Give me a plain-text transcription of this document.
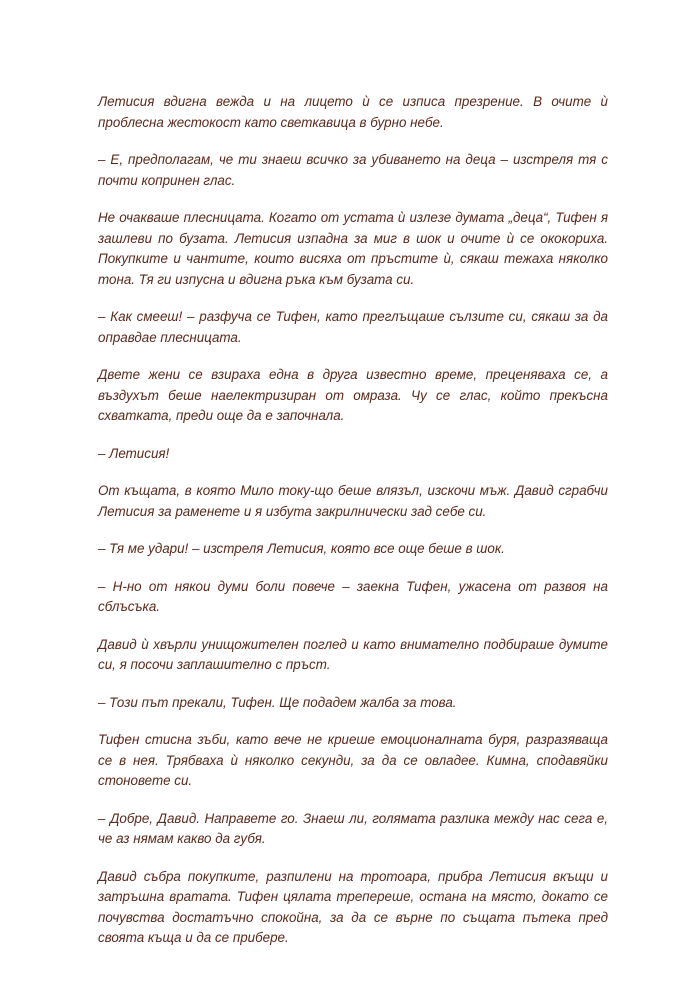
Летисия вдигна вежда и на лицето ѝ се изписа презрение. В очите ѝ проблесна жестокост като светкавица в бурно небе.

– Е, предполагам, че ти знаеш всичко за убиването на деца – изстреля тя с почти копринен глас.

Не очакваше плесницата. Когато от устата ѝ излезе думата „деца“, Тифен я зашлеви по бузата. Летисия изпадна за миг в шок и очите ѝ се ококориха. Покупките и чантите, които висяха от пръстите ѝ, сякаш тежаха няколко тона. Тя ги изпусна и вдигна ръка към бузата си.

– Как смееш! – разфуча се Тифен, като преглъщаше сълзите си, сякаш за да оправдае плесницата.

Двете жени се взираха една в друга известно време, преценяваха се, а въздухът беше наелектризиран от омраза. Чу се глас, който прекъсна схватката, преди още да е започнала.

– Летисия!

От къщата, в която Мило току-що беше влязъл, изскочи мъж. Давид сграбчи Летисия за раменете и я избута закрилнически зад себе си.

– Тя ме удари! – изстреля Летисия, която все още беше в шок.

– Н-но от някои думи боли повече – заекна Тифен, ужасена от развоя на сблъсъка.

Давид ѝ хвърли унищожителен поглед и като внимателно подбираше думите си, я посочи заплашително с пръст.

– Този път прекали, Тифен. Ще подадем жалба за това.

Тифен стисна зъби, като вече не криеше емоционалната буря, разразяваща се в нея. Трябваха ѝ няколко секунди, за да се овладее. Кимна, сподавяйки стоновете си.

– Добре, Давид. Направете го. Знаеш ли, голямата разлика между нас сега е, че аз нямам какво да губя.

Давид събра покупките, разпилени на тротоара, прибра Летисия вкъщи и затръшна вратата. Тифен цялата трепереше, остана на място, докато се почувства достатъчно спокойна, за да се върне по същата пътека пред своята къща и да се прибере.
